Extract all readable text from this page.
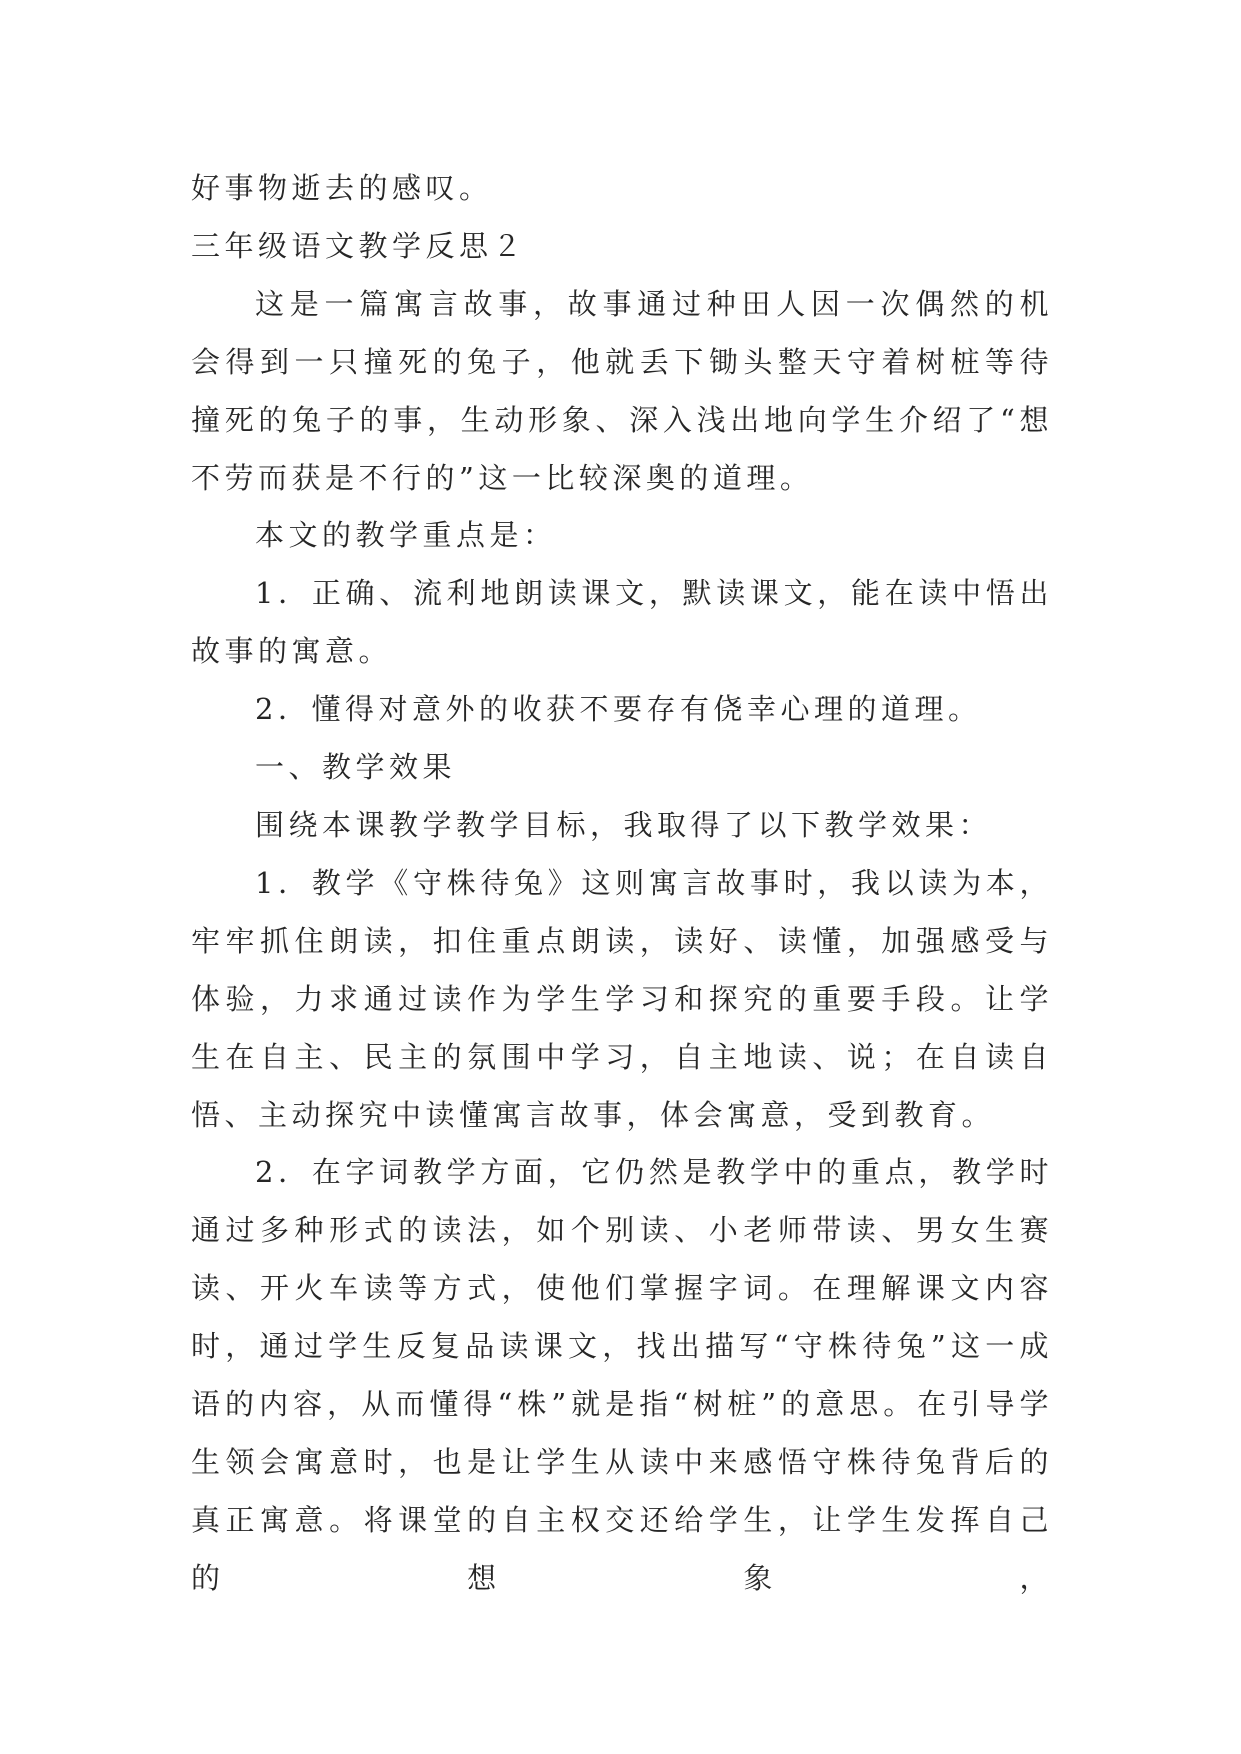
好事物逝去的感叹。

三年级语文教学反思２

这是一篇寓言故事，故事通过种田人因一次偶然的机会得到一只撞死的兔子，他就丢下锄头整天守着树桩等待撞死的兔子的事，生动形象、深入浅出地向学生介绍了“想不劳而获是不行的”这一比较深奥的道理。

本文的教学重点是：

1．正确、流利地朗读课文，默读课文，能在读中悟出故事的寓意。

2．懂得对意外的收获不要存有侥幸心理的道理。

一、教学效果

围绕本课教学教学目标，我取得了以下教学效果：

1．教学《守株待兔》这则寓言故事时，我以读为本，牢牢抓住朗读，扣住重点朗读，读好、读懂，加强感受与体验，力求通过读作为学生学习和探究的重要手段。让学生在自主、民主的氛围中学习，自主地读、说；在自读自悟、主动探究中读懂寓言故事，体会寓意，受到教育。

2．在字词教学方面，它仍然是教学中的重点，教学时通过多种形式的读法，如个别读、小老师带读、男女生赛读、开火车读等方式，使他们掌握字词。在理解课文内容时，通过学生反复品读课文，找出描写“守株待兔”这一成语的内容，从而懂得“株”就是指“树桩”的意思。在引导学生领会寓意时，也是让学生从读中来感悟守株待兔背后的真正寓意。将课堂的自主权交还给学生，让学生发挥自己的想象，
